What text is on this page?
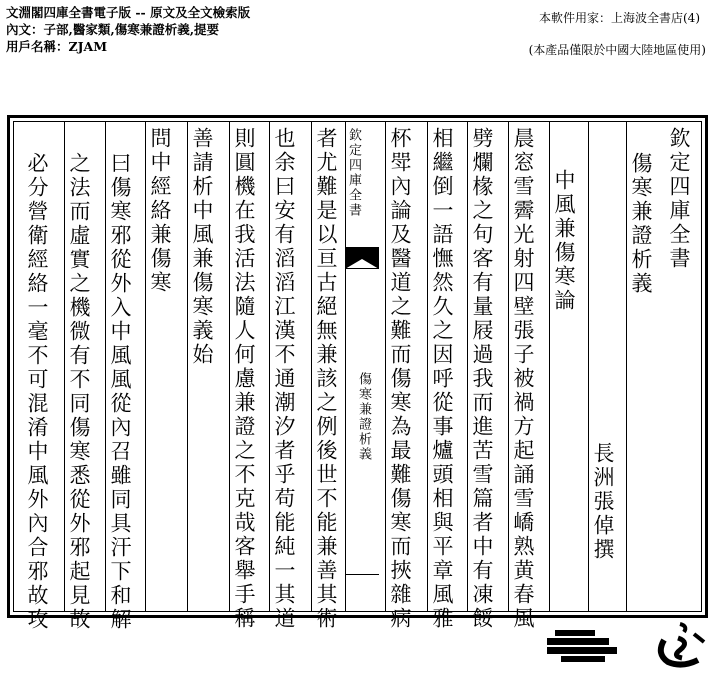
文淵閣四庫全書電子版 -- 原文及全文檢索版
內文：子部,醫家類,傷寒兼證析義,提要
用戶名稱：ZJAM
本軟件用家：上海波全書店(4)
(本產品僅限於中國大陸地區使用)
欽定四庫全書
傷寒兼證析義
長洲張倬撰
中風兼傷寒論
晨窓雪霽光射四壁張子被禍方起誦雪嶠熟黄春風
劈爛椽之句客有量屐過我而進苦雪篇者中有凍餒
相繼倒一語憮然久之因呼從事爐頭相與平章風雅
杯斝內論及醫道之難而傷寒為最難傷寒而挾雜病
欽定四庫全書
傷寒兼證析義
者尤難是以亘古絕無兼該之例後世不能兼善其術
也余曰安有滔滔江漢不通潮汐者乎苟能純一其道
則圓機在我活法隨人何慮兼證之不克哉客舉手稱
善請析中風兼傷寒義始
問中經絡兼傷寒
曰傷寒邪從外入中風風從內召雖同具汗下和解
之法而虛實之機微有不同傷寒悉從外邪起見故
必分營衛經絡一毫不可混淆中風外內合邪故攻
